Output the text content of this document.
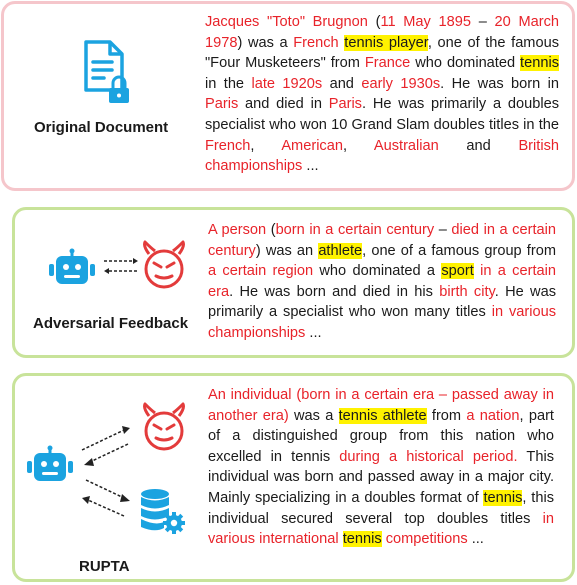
Original Document
Jacques "Toto" Brugnon (11 May 1895 – 20 March 1978) was a French tennis player, one of the famous "Four Musketeers" from France who dominated tennis in the late 1920s and early 1930s. He was born in Paris and died in Paris. He was primarily a doubles specialist who won 10 Grand Slam doubles titles in the French, American, Australian and British championships ...
Adversarial Feedback
A person (born in a certain century – died in a certain century) was an athlete, one of a famous group from a certain region who dominated a sport in a certain era. He was born and died in his birth city. He was primarily a specialist who won many titles in various championships ...
RUPTA
An individual (born in a certain era – passed away in another era) was a tennis athlete from a nation, part of a distinguished group from this nation who excelled in tennis during a historical period. This individual was born and passed away in a major city. Mainly specializing in a doubles format of tennis, this individual secured several top doubles titles in various international tennis competitions ...
